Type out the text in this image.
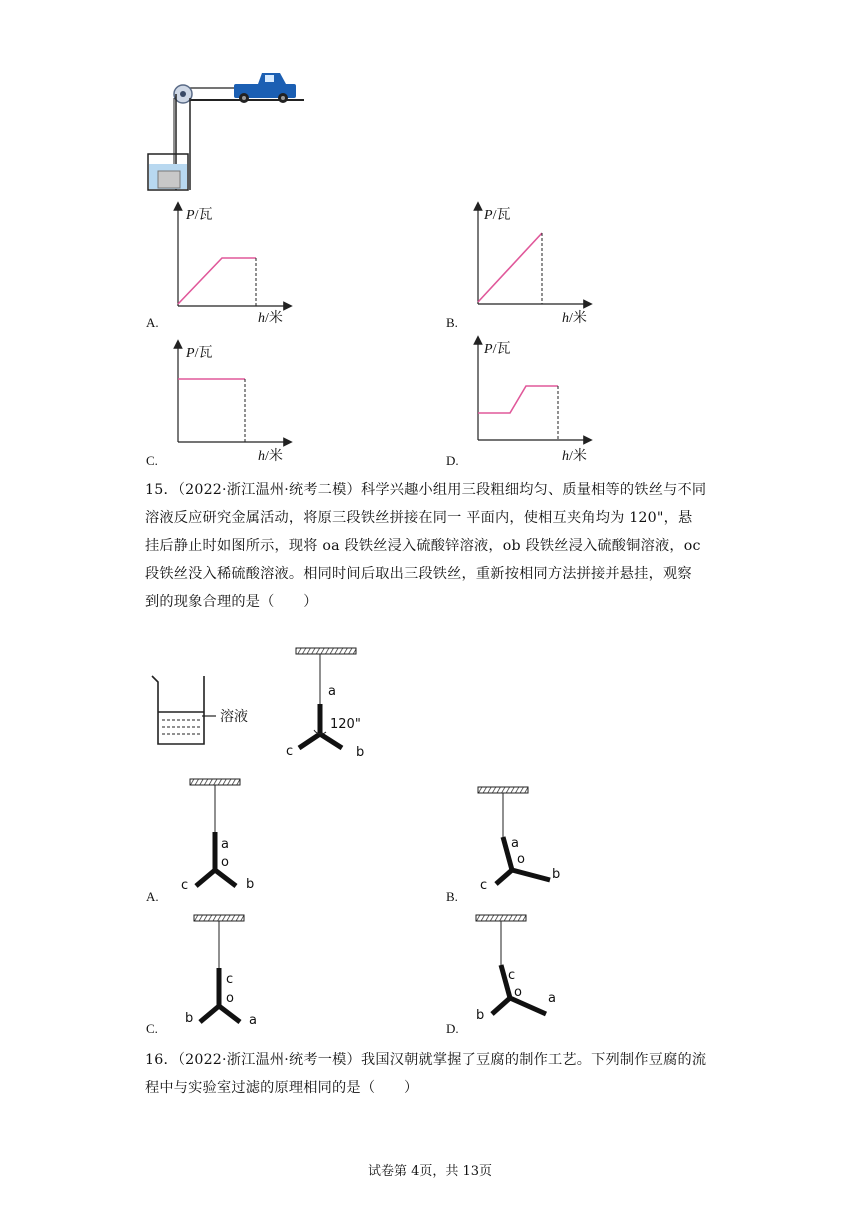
A.
P/瓦
h/米	B.
P/瓦
h/米
C.
P/瓦
h/米	D.
P/瓦
h/米
15．（2022·浙江温州·统考二模）科学兴趣小组用三段粗细均匀、质量相等的铁丝与不同
溶液反应研究金属活动，将原三段铁丝拼接在同一 平面内，使相互夹角均为 120"，悬
挂后静止时如图所示，现将 oa 段铁丝浸入硫酸锌溶液，ob 段铁丝浸入硫酸铜溶液，oc
段铁丝没入稀硫酸溶液。相同时间后取出三段铁丝，重新按相同方法拼接并悬挂，观察
到的现象合理的是（　　）
溶液
a
120"
c	b
A.
a
o
c	b
B.
a
o
c
b
C.
c
o
b	a
D.
c
o
b
a
16．（2022·浙江温州·统考一模）我国汉朝就掌握了豆腐的制作工艺。下列制作豆腐的流
程中与实验室过滤的原理相同的是（　　）
试卷第 4页，共 13页
